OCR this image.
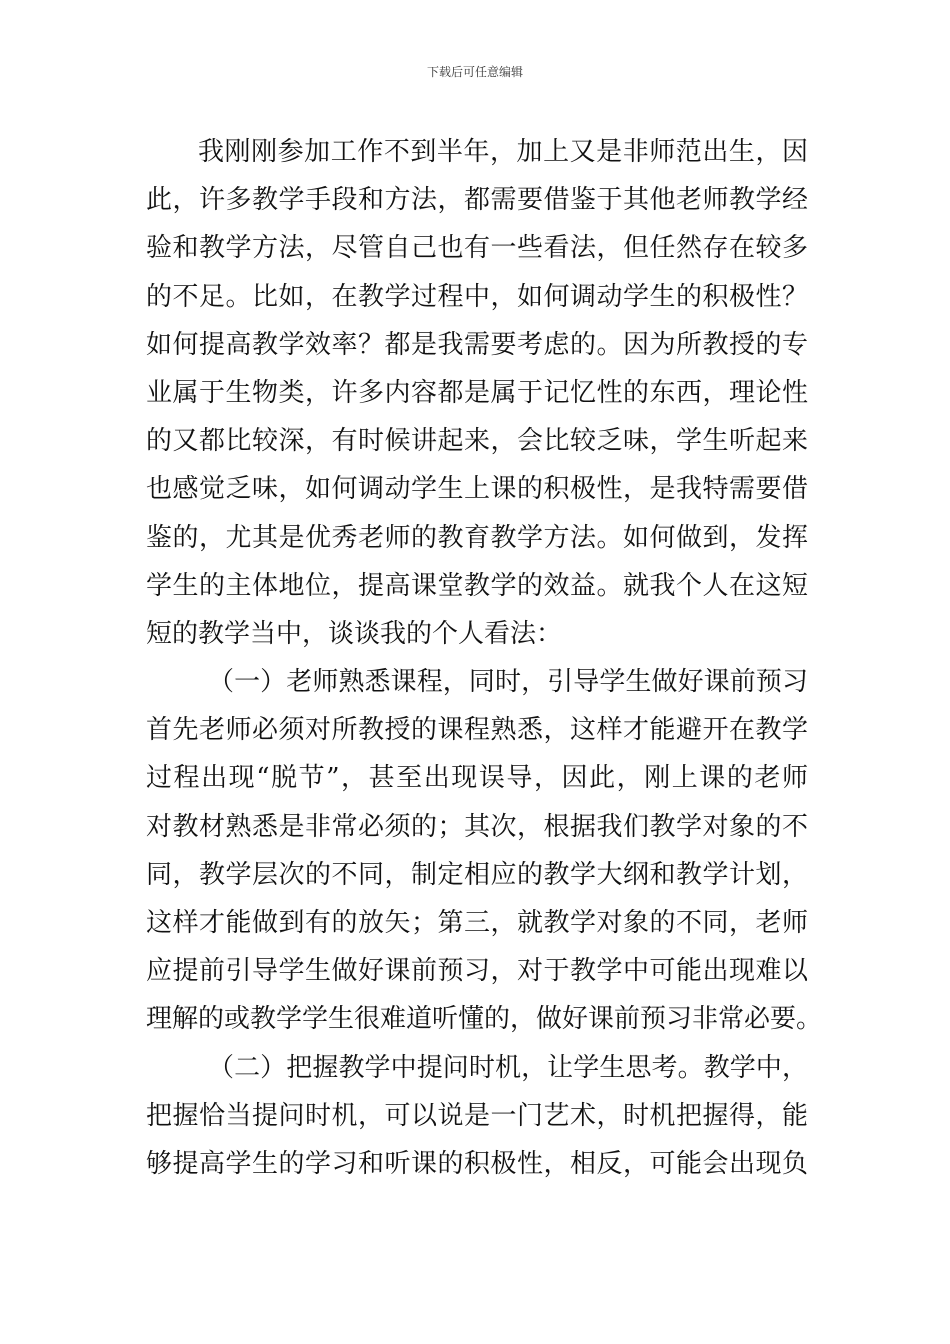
下载后可任意编辑
我刚刚参加工作不到半年，加上又是非师范出生，因
此，许多教学手段和方法，都需要借鉴于其他老师教学经
验和教学方法，尽管自己也有一些看法，但任然存在较多
的不足。比如，在教学过程中，如何调动学生的积极性？
如何提高教学效率？都是我需要考虑的。因为所教授的专
业属于生物类，许多内容都是属于记忆性的东西，理论性
的又都比较深，有时候讲起来，会比较乏味，学生听起来
也感觉乏味，如何调动学生上课的积极性，是我特需要借
鉴的，尤其是优秀老师的教育教学方法。如何做到，发挥
学生的主体地位，提高课堂教学的效益。就我个人在这短
短的教学当中，谈谈我的个人看法：
（一）老师熟悉课程，同时，引导学生做好课前预习
首先老师必须对所教授的课程熟悉，这样才能避开在教学
过程出现“脱节”，甚至出现误导，因此，刚上课的老师
对教材熟悉是非常必须的；其次，根据我们教学对象的不
同，教学层次的不同，制定相应的教学大纲和教学计划，
这样才能做到有的放矢；第三，就教学对象的不同，老师
应提前引导学生做好课前预习，对于教学中可能出现难以
理解的或教学学生很难道听懂的，做好课前预习非常必要。
（二）把握教学中提问时机，让学生思考。教学中，
把握恰当提问时机，可以说是一门艺术，时机把握得，能
够提高学生的学习和听课的积极性，相反，可能会出现负
